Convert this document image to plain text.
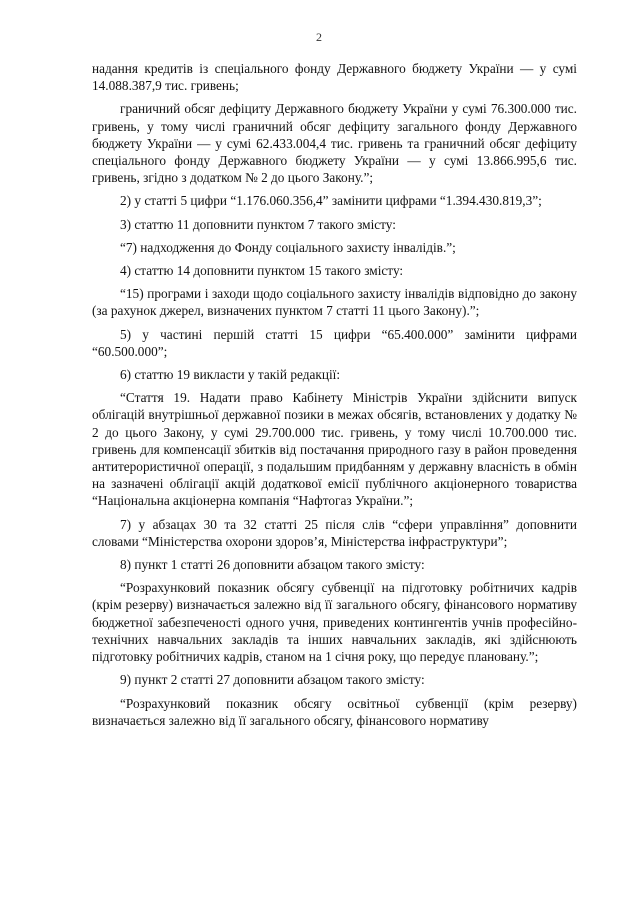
2

надання кредитів із спеціального фонду Державного бюджету України — у сумі 14.088.387,9 тис. гривень;

граничний обсяг дефіциту Державного бюджету України у сумі 76.300.000 тис. гривень, у тому числі граничний обсяг дефіциту загального фонду Державного бюджету України — у сумі 62.433.004,4 тис. гривень та граничний обсяг дефіциту спеціального фонду Державного бюджету України — у сумі 13.866.995,6 тис. гривень, згідно з додатком № 2 до цього Закону.”;

2) у статті 5 цифри “1.176.060.356,4” замінити цифрами “1.394.430.819,3”;

3) статтю 11 доповнити пунктом 7 такого змісту:

“7) надходження до Фонду соціального захисту інвалідів.”;

4) статтю 14 доповнити пунктом 15 такого змісту:

“15) програми і заходи щодо соціального захисту інвалідів відповідно до закону (за рахунок джерел, визначених пунктом 7 статті 11 цього Закону).”;

5) у частині першій статті 15 цифри “65.400.000” замінити цифрами “60.500.000”;

6) статтю 19 викласти у такій редакції:

“Стаття 19. Надати право Кабінету Міністрів України здійснити випуск облігацій внутрішньої державної позики в межах обсягів, встановлених у додатку № 2 до цього Закону, у сумі 29.700.000 тис. гривень, у тому числі 10.700.000 тис. гривень для компенсації збитків від постачання природного газу в район проведення антитерористичної операції, з подальшим придбанням у державну власність в обмін на зазначені облігації акцій додаткової емісії публічного акціонерного товариства “Національна акціонерна компанія “Нафтогаз України.”;

7) у абзацах 30 та 32 статті 25 після слів “сфери управління” доповнити словами “Міністерства охорони здоров’я, Міністерства інфраструктури”;

8) пункт 1 статті 26 доповнити абзацом такого змісту:

“Розрахунковий показник обсягу субвенції на підготовку робітничих кадрів (крім резерву) визначається залежно від її загального обсягу, фінансового нормативу бюджетної забезпеченості одного учня, приведених контингентів учнів професійно-технічних навчальних закладів та інших навчальних закладів, які здійснюють підготовку робітничих кадрів, станом на 1 січня року, що передує плановану.”;

9) пункт 2 статті 27 доповнити абзацом такого змісту:

“Розрахунковий показник обсягу освітньої субвенції (крім резерву) визначається залежно від її загального обсягу, фінансового нормативу
